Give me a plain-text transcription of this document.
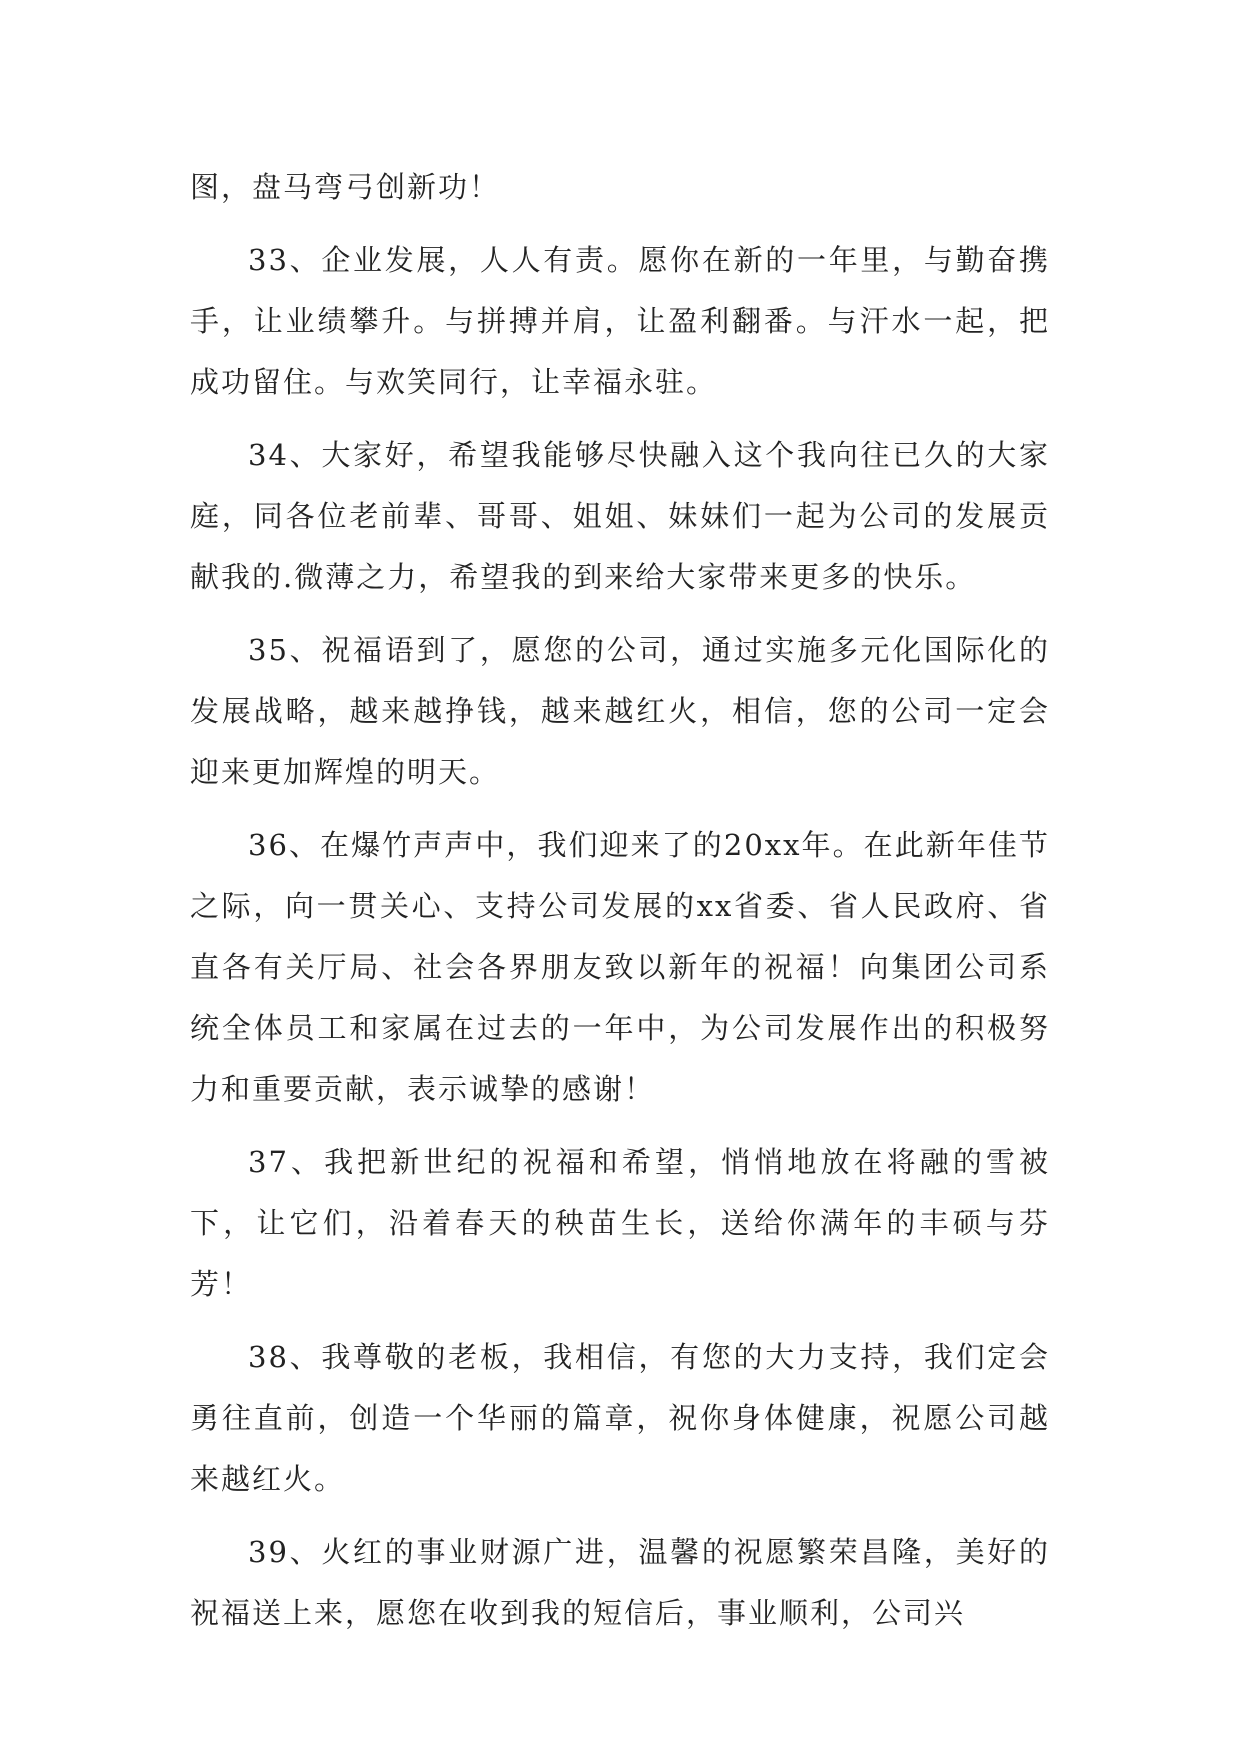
图，盘马弯弓创新功！

33、企业发展，人人有责。愿你在新的一年里，与勤奋携手，让业绩攀升。与拼搏并肩，让盈利翻番。与汗水一起，把成功留住。与欢笑同行，让幸福永驻。

34、大家好，希望我能够尽快融入这个我向往已久的大家庭，同各位老前辈、哥哥、姐姐、妹妹们一起为公司的发展贡献我的.微薄之力，希望我的到来给大家带来更多的快乐。

35、祝福语到了，愿您的公司，通过实施多元化国际化的发展战略，越来越挣钱，越来越红火，相信，您的公司一定会迎来更加辉煌的明天。

36、在爆竹声声中，我们迎来了的20xx年。在此新年佳节之际，向一贯关心、支持公司发展的xx省委、省人民政府、省直各有关厅局、社会各界朋友致以新年的祝福！向集团公司系统全体员工和家属在过去的一年中，为公司发展作出的积极努力和重要贡献，表示诚挚的感谢！

37、我把新世纪的祝福和希望，悄悄地放在将融的雪被下，让它们，沿着春天的秧苗生长，送给你满年的丰硕与芬芳！

38、我尊敬的老板，我相信，有您的大力支持，我们定会勇往直前，创造一个华丽的篇章，祝你身体健康，祝愿公司越来越红火。

39、火红的事业财源广进，温馨的祝愿繁荣昌隆，美好的祝福送上来，愿您在收到我的短信后，事业顺利，公司兴
